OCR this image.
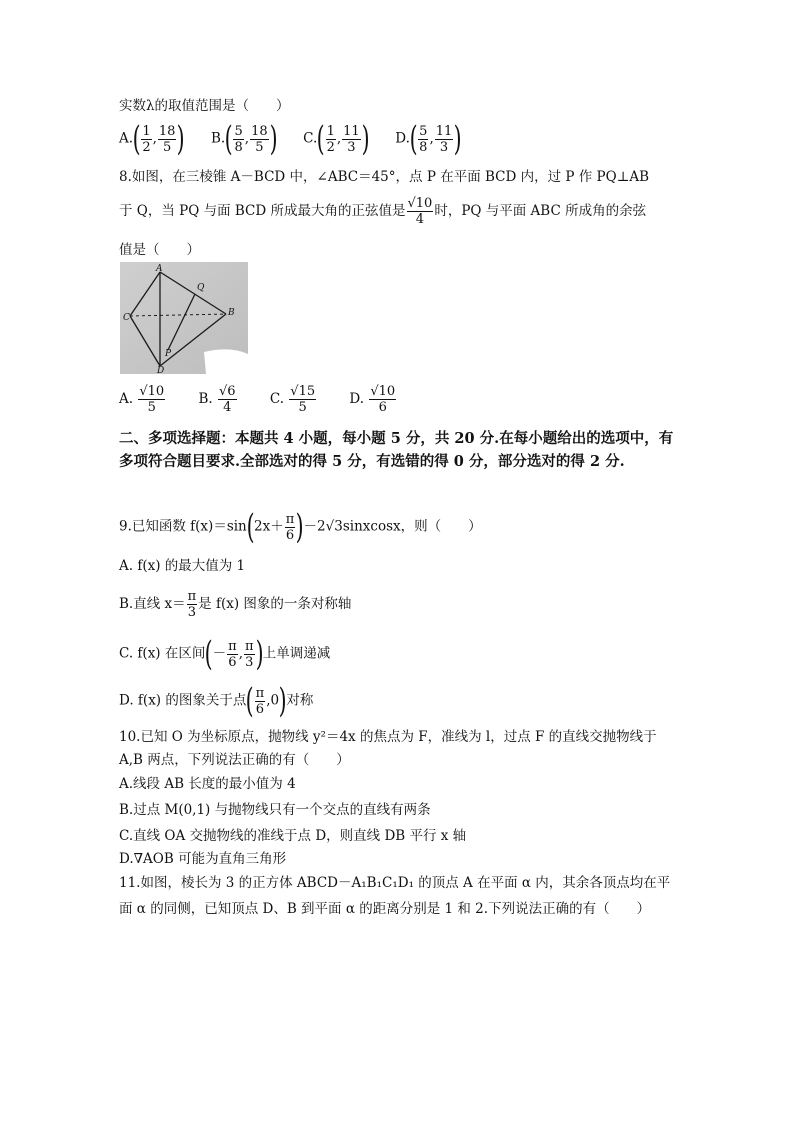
实数λ的取值范围是（　　）
$A.( \frac{1}{2}$ , $\frac{18}{5}$ ) $B.( \frac{5}{8}$ , $\frac{18}{5}$ ) $C.( \frac{1}{2}$ , $\frac{11}{3}$ ) $D.( \frac{5}{8}$ , $\frac{11}{3}$ )
8.如图，在三棱锥 A－BCD 中，∠ABC＝45°，点 P 在平面 BCD 内，过 P 作 PQ⊥AB
于 Q，当 PQ 与面 BCD 所成最大角的正弦值是 $\frac{√10}{4}$ 时，PQ 与平面 ABC 所成角的余弦
值是（　　）
A
Q
C	B
P
D
A. $\frac{√10}{5} B$. $\frac{√6}{4} C$. $\frac{√15}{5} D$. $\frac{√10}{6}$
二、多项选择题：本题共 4 小题，每小题 5 分，共 20 分.在每小题给出的选项中，有多项符合题目要求.全部选对的得 5 分，有选错的得 0 分，部分选对的得 2 分.
9.已知函数 $f(x)=\sin(2x+ \frac{\pi}{6}$ )－2√3sinxcosx，则（　　）
A. f(x) 的最大值为 1
B.直线 $x= \frac{\pi}{3}$ 是 f(x) 图象的一条对称轴
C. f(x) 在区间(－ $\frac{\pi}{6}$ , $\frac{\pi}{3}$ )上单调递减
D. f(x) 的图象关于点( $\frac{\pi}{6} ,0$)对称
10.已知 O 为坐标原点，抛物线 y²＝4x 的焦点为 F，准线为 l，过点 F 的直线交抛物线于
A,B 两点，下列说法正确的有（　　）
A.线段 AB 长度的最小值为 4
B.过点 M(0,1) 与抛物线只有一个交点的直线有两条
C.直线 OA 交抛物线的准线于点 D，则直线 DB 平行 x 轴
D.∇AOB 可能为直角三角形
11.如图，棱长为 3 的正方体 ABCD－A₁B₁C₁D₁ 的顶点 A 在平面 α 内，其余各顶点均在平
面 α 的同侧，已知顶点 D、B 到平面 α 的距离分别是 1 和 2.下列说法正确的有（　　）
